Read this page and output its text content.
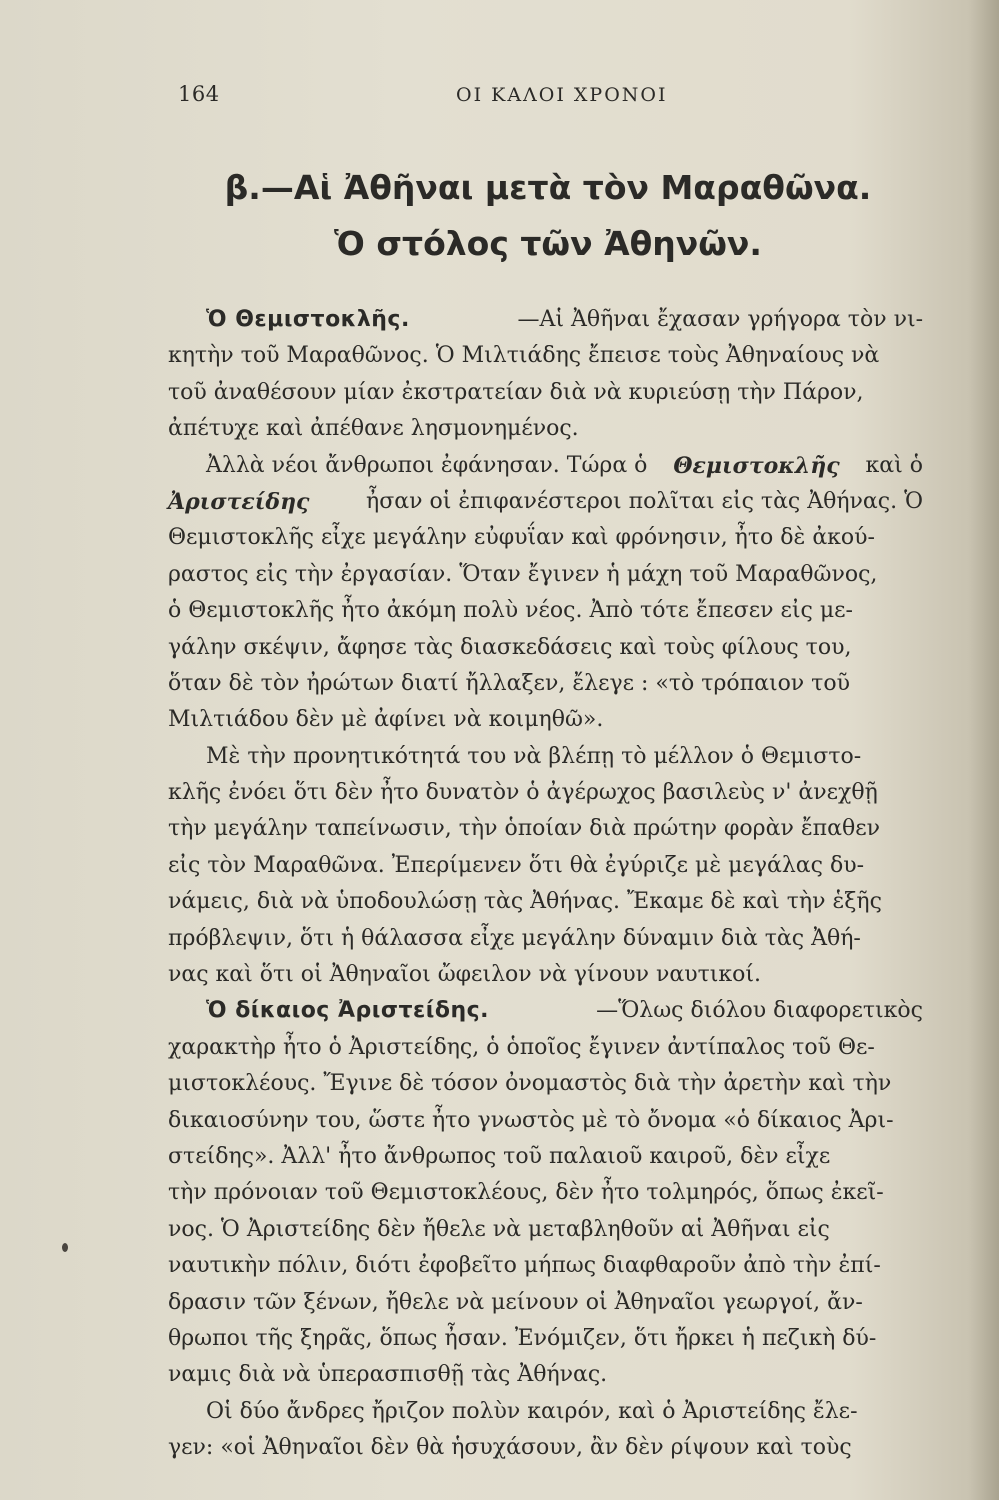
164	ΟΙ ΚΑΛΟΙ ΧΡΟΝΟΙ
β.—Αἱ Ἀθῆναι μετὰ τὸν Μαραθῶνα.
Ὁ στόλος τῶν Ἀθηνῶν.
Ὁ Θεμιστοκλῆς.	—Αἱ Ἀθῆναι ἔχασαν γρήγορα τὸν νι-
κητὴν τοῦ Μαραθῶνος. Ὁ Μιλτιάδης ἔπεισε τοὺς Ἀθηναίους νὰ
τοῦ ἀναθέσουν μίαν ἐκστρατείαν διὰ νὰ κυριεύσῃ τὴν Πάρον,
ἀπέτυχε καὶ ἀπέθανε λησμονημένος.
Ἀλλὰ νέοι ἄνθρωποι ἐφάνησαν. Τώρα ὁ Θεμιστοκλῆς καὶ ὁ
Ἀριστείδης	ἦσαν οἱ ἐπιφανέστεροι πολῖται εἰς τὰς Ἀθήνας. Ὁ
Θεμιστοκλῆς εἶχε μεγάλην εὐφυΐαν καὶ φρόνησιν, ἦτο δὲ ἀκού-
ραστος εἰς τὴν ἐργασίαν. Ὅταν ἔγινεν ἡ μάχη τοῦ Μαραθῶνος,
ὁ Θεμιστοκλῆς ἦτο ἀκόμη πολὺ νέος. Ἀπὸ τότε ἔπεσεν εἰς με-
γάλην σκέψιν, ἄφησε τὰς διασκεδάσεις καὶ τοὺς φίλους του,
ὅταν δὲ τὸν ἠρώτων διατί ἤλλαξεν, ἔλεγε : «τὸ τρόπαιον τοῦ
Μιλτιάδου δὲν μὲ ἀφίνει νὰ κοιμηθῶ».
Μὲ τὴν προνητικότητά του νὰ βλέπῃ τὸ μέλλον ὁ Θεμιστο-
κλῆς ἐνόει ὅτι δὲν ἦτο δυνατὸν ὁ ἀγέρωχος βασιλεὺς ν' ἀνεχθῇ
τὴν μεγάλην ταπείνωσιν, τὴν ὁποίαν διὰ πρώτην φορὰν ἔπαθεν
εἰς τὸν Μαραθῶνα. Ἐπερίμενεν ὅτι θὰ ἐγύριζε μὲ μεγάλας δυ-
νάμεις, διὰ νὰ ὑποδουλώσῃ τὰς Ἀθήνας. Ἔκαμε δὲ καὶ τὴν ἑξῆς
πρόβλεψιν, ὅτι ἡ θάλασσα εἶχε μεγάλην δύναμιν διὰ τὰς Ἀθή-
νας καὶ ὅτι οἱ Ἀθηναῖοι ὤφειλον νὰ γίνουν ναυτικοί.
Ὁ δίκαιος Ἀριστείδης.	—Ὅλως διόλου διαφορετικὸς
χαρακτὴρ ἦτο ὁ Ἀριστείδης, ὁ ὁποῖος ἔγινεν ἀντίπαλος τοῦ Θε-
μιστοκλέους. Ἔγινε δὲ τόσον ὀνομαστὸς διὰ τὴν ἀρετὴν καὶ τὴν
δικαιοσύνην του, ὥστε ἦτο γνωστὸς μὲ τὸ ὄνομα «ὁ δίκαιος Ἀρι-
στείδης». Ἀλλ' ἦτο ἄνθρωπος τοῦ παλαιοῦ καιροῦ, δὲν εἶχε
τὴν πρόνοιαν τοῦ Θεμιστοκλέους, δὲν ἦτο τολμηρός, ὅπως ἐκεῖ-
νος. Ὁ Ἀριστείδης δὲν ἤθελε νὰ μεταβληθοῦν αἱ Ἀθῆναι εἰς
ναυτικὴν πόλιν, διότι ἐφοβεῖτο μήπως διαφθαροῦν ἀπὸ τὴν ἐπί-
δρασιν τῶν ξένων, ἤθελε νὰ μείνουν οἱ Ἀθηναῖοι γεωργοί, ἄν-
θρωποι τῆς ξηρᾶς, ὅπως ἦσαν. Ἐνόμιζεν, ὅτι ἤρκει ἡ πεζικὴ δύ-
ναμις διὰ νὰ ὑπερασπισθῇ τὰς Ἀθήνας.
Οἱ δύο ἄνδρες ἤριζον πολὺν καιρόν, καὶ ὁ Ἀριστείδης ἔλε-
γεν: «οἱ Ἀθηναῖοι δὲν θὰ ἡσυχάσουν, ἂν δὲν ρίψουν καὶ τοὺς
